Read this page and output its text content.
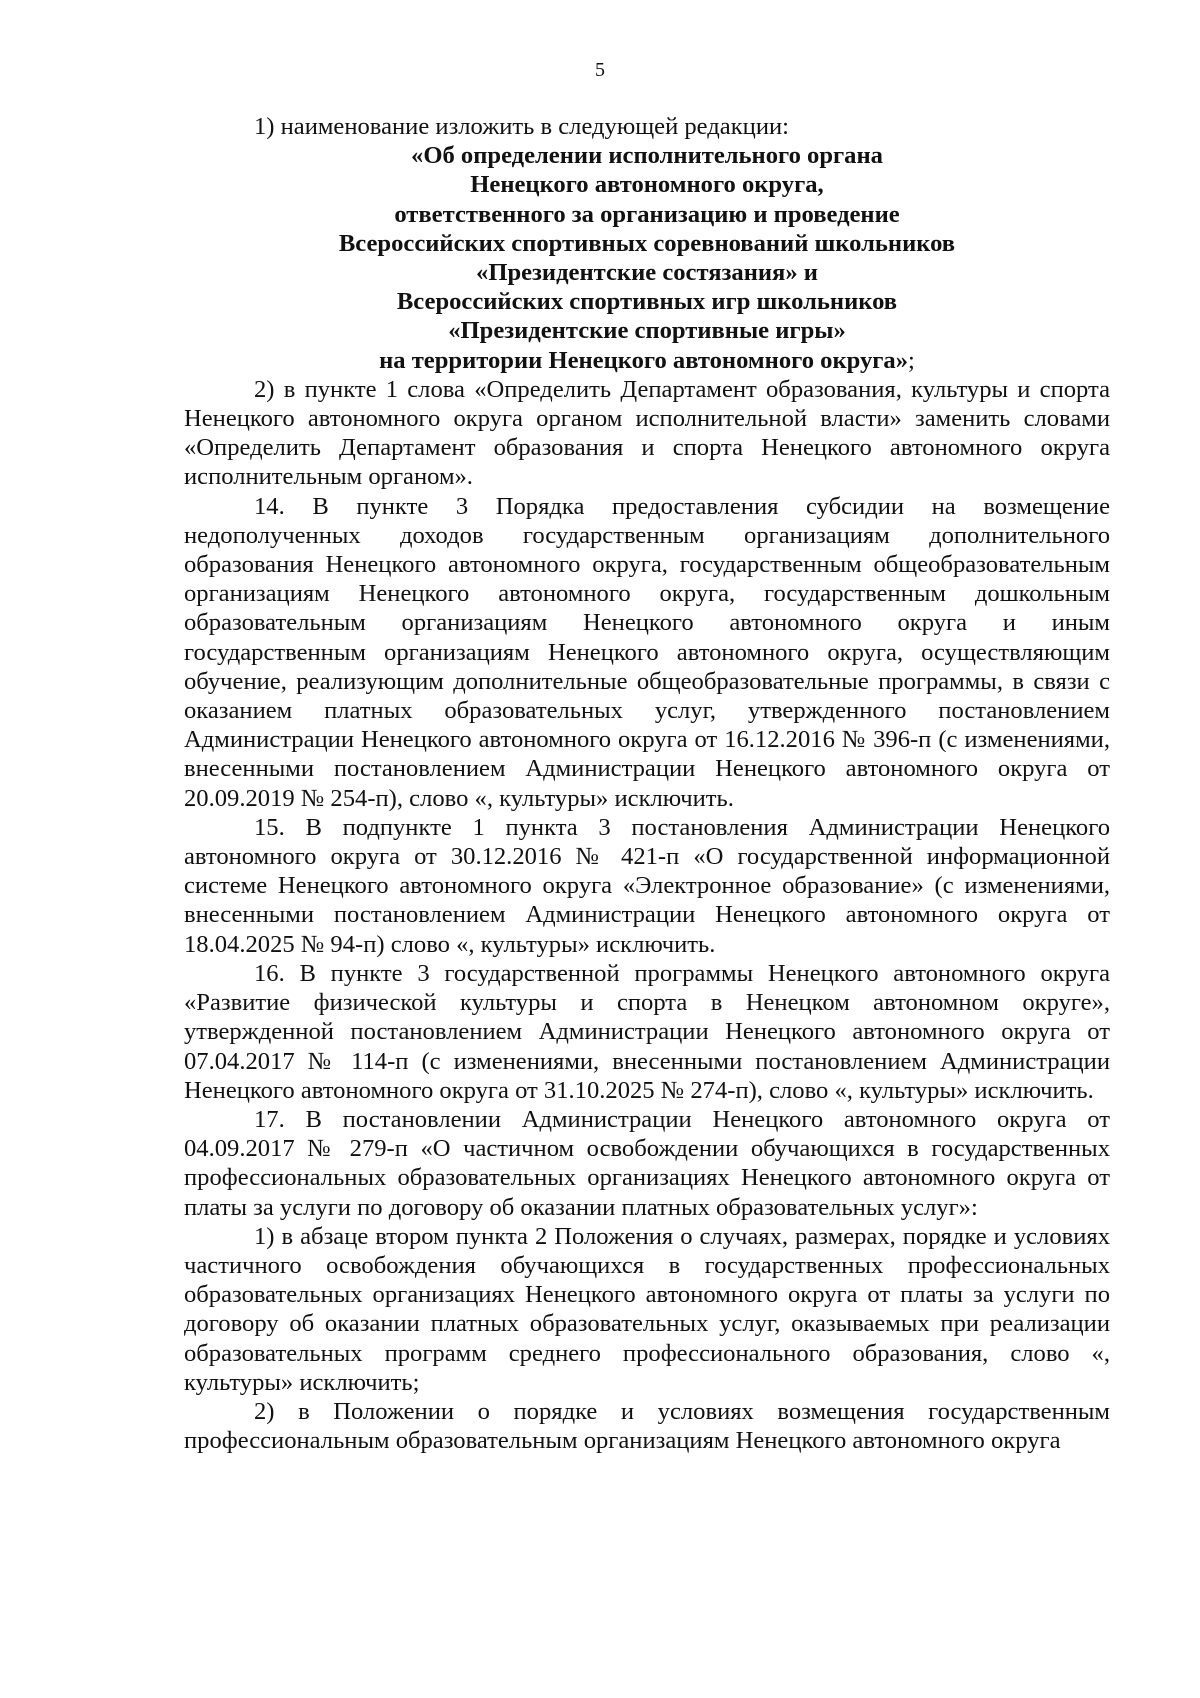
5

1) наименование изложить в следующей редакции:

«Об определении исполнительного органа
Ненецкого автономного округа,
ответственного за организацию и проведение
Всероссийских спортивных соревнований школьников
«Президентские состязания» и
Всероссийских спортивных игр школьников
«Президентские спортивные игры»
на территории Ненецкого автономного округа»;

2) в пункте 1 слова «Определить Департамент образования, культуры и спорта Ненецкого автономного округа органом исполнительной власти» заменить словами «Определить Департамент образования и спорта Ненецкого автономного округа исполнительным органом».

14. В пункте 3 Порядка предоставления субсидии на возмещение недополученных доходов государственным организациям дополнительного образования Ненецкого автономного округа, государственным общеобразовательным организациям Ненецкого автономного округа, государственным дошкольным образовательным организациям Ненецкого автономного округа и иным государственным организациям Ненецкого автономного округа, осуществляющим обучение, реализующим дополнительные общеобразовательные программы, в связи с оказанием платных образовательных услуг, утвержденного постановлением Администрации Ненецкого автономного округа от 16.12.2016 № 396-п (с изменениями, внесенными постановлением Администрации Ненецкого автономного округа от 20.09.2019 № 254-п), слово «, культуры» исключить.

15. В подпункте 1 пункта 3 постановления Администрации Ненецкого автономного округа от 30.12.2016 № 421-п «О государственной информационной системе Ненецкого автономного округа «Электронное образование» (с изменениями, внесенными постановлением Администрации Ненецкого автономного округа от 18.04.2025 № 94-п) слово «, культуры» исключить.

16. В пункте 3 государственной программы Ненецкого автономного округа «Развитие физической культуры и спорта в Ненецком автономном округе», утвержденной постановлением Администрации Ненецкого автономного округа от 07.04.2017 № 114-п (с изменениями, внесенными постановлением Администрации Ненецкого автономного округа от 31.10.2025 № 274-п), слово «, культуры» исключить.

17. В постановлении Администрации Ненецкого автономного округа от 04.09.2017 № 279-п «О частичном освобождении обучающихся в государственных профессиональных образовательных организациях Ненецкого автономного округа от платы за услуги по договору об оказании платных образовательных услуг»:

1) в абзаце втором пункта 2 Положения о случаях, размерах, порядке и условиях частичного освобождения обучающихся в государственных профессиональных образовательных организациях Ненецкого автономного округа от платы за услуги по договору об оказании платных образовательных услуг, оказываемых при реализации образовательных программ среднего профессионального образования, слово «, культуры» исключить;

2) в Положении о порядке и условиях возмещения государственным профессиональным образовательным организациям Ненецкого автономного округа
